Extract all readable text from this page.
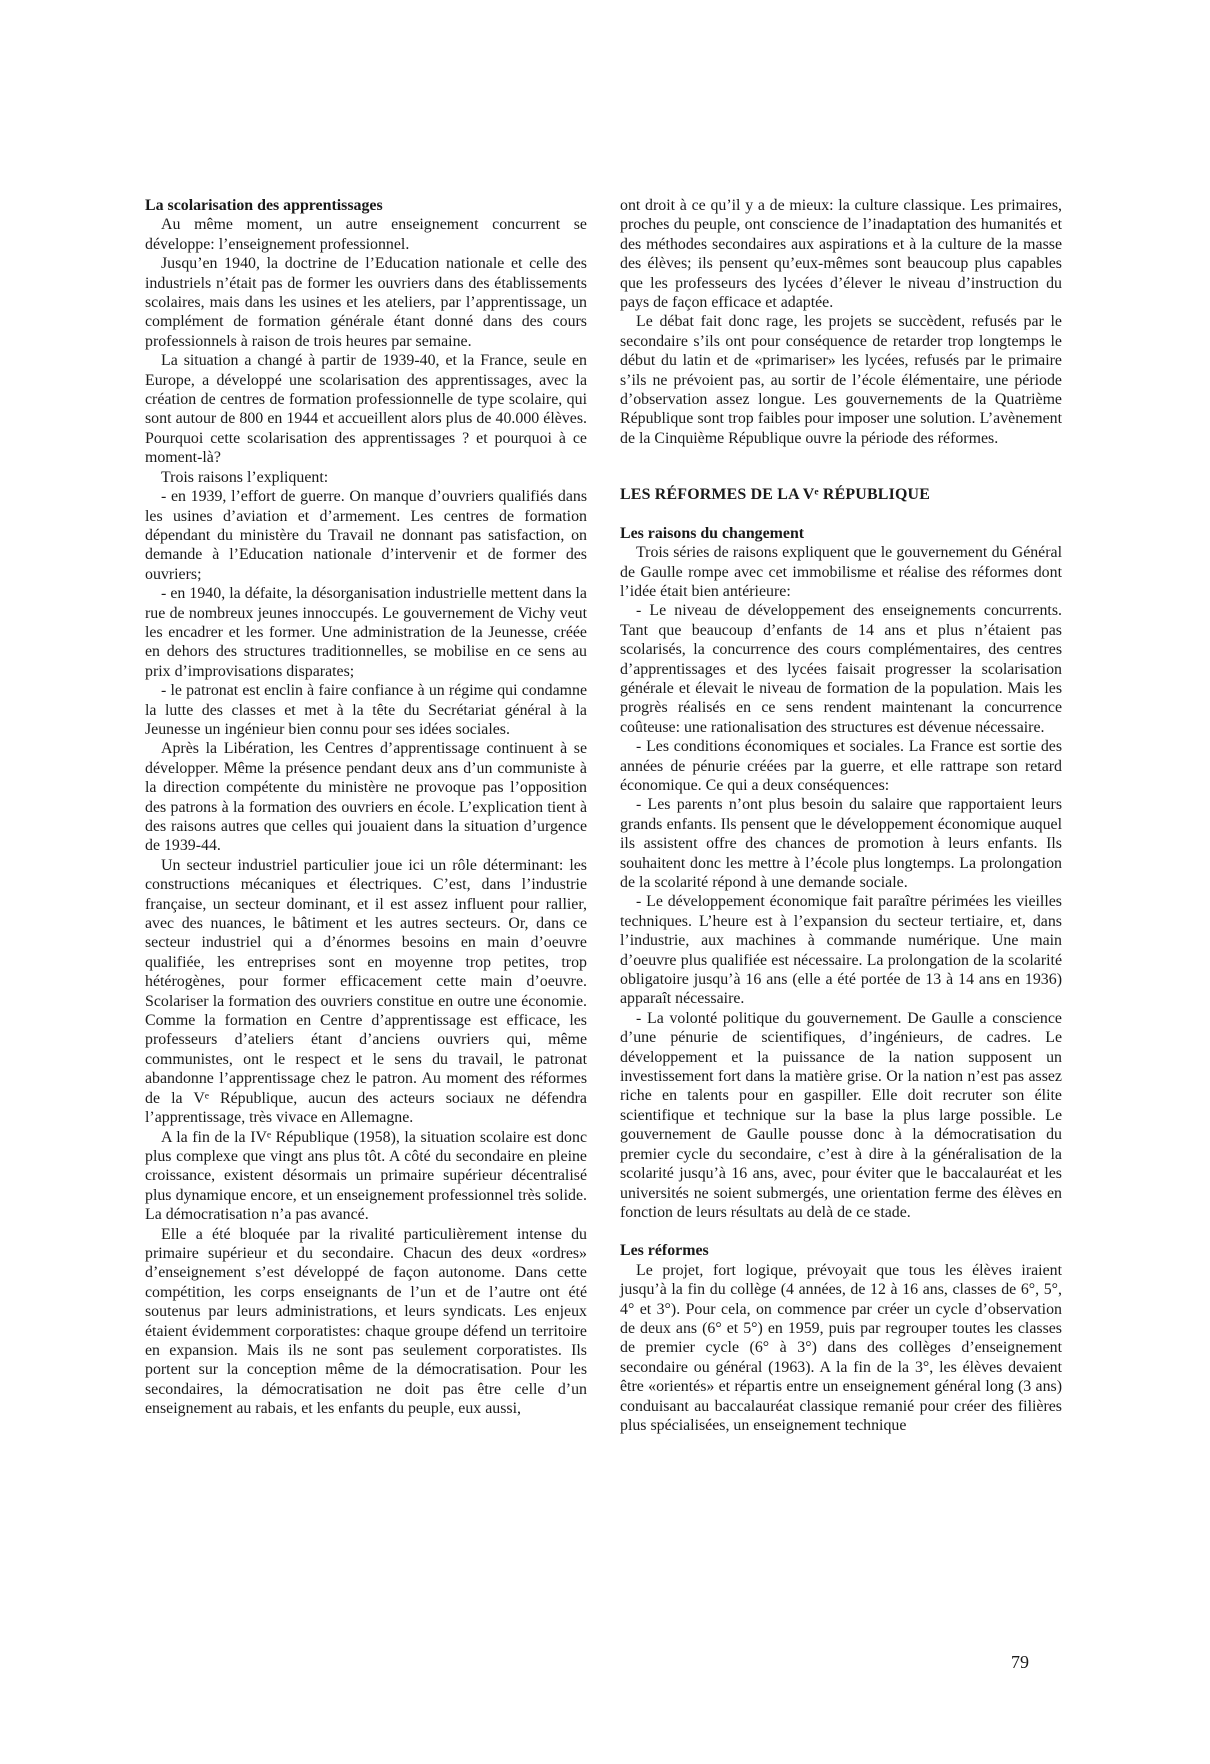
La scolarisation des apprentissages

Au même moment, un autre enseignement concurrent se développe: l’enseignement professionnel.

Jusqu’en 1940, la doctrine de l’Education nationale et celle des industriels n’était pas de former les ouvriers dans des établissements scolaires, mais dans les usines et les ateliers, par l’apprentissage, un complément de formation générale étant donné dans des cours professionnels à raison de trois heures par semaine.

La situation a changé à partir de 1939-40, et la France, seule en Europe, a développé une scolarisation des apprentissages, avec la création de centres de formation professionnelle de type scolaire, qui sont autour de 800 en 1944 et accueillent alors plus de 40.000 élèves. Pourquoi cette scolarisation des apprentissages ? et pourquoi à ce moment-là?

Trois raisons l’expliquent:

- en 1939, l’effort de guerre. On manque d’ouvriers qualifiés dans les usines d’aviation et d’armement. Les centres de formation dépendant du ministère du Travail ne donnant pas satisfaction, on demande à l’Education nationale d’intervenir et de former des ouvriers;

- en 1940, la défaite, la désorganisation industrielle mettent dans la rue de nombreux jeunes innoccupés. Le gouvernement de Vichy veut les encadrer et les former. Une administration de la Jeunesse, créée en dehors des structures traditionnelles, se mobilise en ce sens au prix d’improvisations disparates;

- le patronat est enclin à faire confiance à un régime qui condamne la lutte des classes et met à la tête du Secrétariat général à la Jeunesse un ingénieur bien connu pour ses idées sociales.

Après la Libération, les Centres d’apprentissage continuent à se développer. Même la présence pendant deux ans d’un communiste à la direction compétente du ministère ne provoque pas l’opposition des patrons à la formation des ouvriers en école. L’explication tient à des raisons autres que celles qui jouaient dans la situation d’urgence de 1939-44.

Un secteur industriel particulier joue ici un rôle déterminant: les constructions mécaniques et électriques. C’est, dans l’industrie française, un secteur dominant, et il est assez influent pour rallier, avec des nuances, le bâtiment et les autres secteurs. Or, dans ce secteur industriel qui a d’énormes besoins en main d’oeuvre qualifiée, les entreprises sont en moyenne trop petites, trop hétérogènes, pour former efficacement cette main d’oeuvre. Scolariser la formation des ouvriers constitue en outre une économie. Comme la formation en Centre d’apprentissage est efficace, les professeurs d’ateliers étant d’anciens ouvriers qui, même communistes, ont le respect et le sens du travail, le patronat abandonne l’apprentissage chez le patron. Au moment des réformes de la Vᵉ République, aucun des acteurs sociaux ne défendra l’apprentissage, très vivace en Allemagne.

A la fin de la IVᵉ République (1958), la situation scolaire est donc plus complexe que vingt ans plus tôt. A côté du secondaire en pleine croissance, existent désormais un primaire supérieur décentralisé plus dynamique encore, et un enseignement professionnel très solide. La démocratisation n’a pas avancé.

Elle a été bloquée par la rivalité particulièrement intense du primaire supérieur et du secondaire. Chacun des deux «ordres» d’enseignement s’est développé de façon autonome. Dans cette compétition, les corps enseignants de l’un et de l’autre ont été soutenus par leurs administrations, et leurs syndicats. Les enjeux étaient évidemment corporatistes: chaque groupe défend un territoire en expansion. Mais ils ne sont pas seulement corporatistes. Ils portent sur la conception même de la démocratisation. Pour les secondaires, la démocratisation ne doit pas être celle d’un enseignement au rabais, et les enfants du peuple, eux aussi,

ont droit à ce qu’il y a de mieux: la culture classique. Les primaires, proches du peuple, ont conscience de l’inadaptation des humanités et des méthodes secondaires aux aspirations et à la culture de la masse des élèves; ils pensent qu’eux-mêmes sont beaucoup plus capables que les professeurs des lycées d’élever le niveau d’instruction du pays de façon efficace et adaptée.

Le débat fait donc rage, les projets se succèdent, refusés par le secondaire s’ils ont pour conséquence de retarder trop longtemps le début du latin et de «primariser» les lycées, refusés par le primaire s’ils ne prévoient pas, au sortir de l’école élémentaire, une période d’observation assez longue. Les gouvernements de la Quatrième République sont trop faibles pour imposer une solution. L’avènement de la Cinquième République ouvre la période des réformes.

LES RÉFORMES DE LA Vᵉ RÉPUBLIQUE
Les raisons du changement

Trois séries de raisons expliquent que le gouvernement du Général de Gaulle rompe avec cet immobilisme et réalise des réformes dont l’idée était bien antérieure:

- Le niveau de développement des enseignements concurrents. Tant que beaucoup d’enfants de 14 ans et plus n’étaient pas scolarisés, la concurrence des cours complémentaires, des centres d’apprentissages et des lycées faisait progresser la scolarisation générale et élevait le niveau de formation de la population. Mais les progrès réalisés en ce sens rendent maintenant la concurrence coûteuse: une rationalisation des structures est dévenue nécessaire.

- Les conditions économiques et sociales. La France est sortie des années de pénurie créées par la guerre, et elle rattrape son retard économique. Ce qui a deux conséquences:

- Les parents n’ont plus besoin du salaire que rapportaient leurs grands enfants. Ils pensent que le développement économique auquel ils assistent offre des chances de promotion à leurs enfants. Ils souhaitent donc les mettre à l’école plus longtemps. La prolongation de la scolarité répond à une demande sociale.

- Le développement économique fait paraître périmées les vieilles techniques. L’heure est à l’expansion du secteur tertiaire, et, dans l’industrie, aux machines à commande numérique. Une main d’oeuvre plus qualifiée est nécessaire. La prolongation de la scolarité obligatoire jusqu’à 16 ans (elle a été portée de 13 à 14 ans en 1936) apparaît nécessaire.

- La volonté politique du gouvernement. De Gaulle a conscience d’une pénurie de scientifiques, d’ingénieurs, de cadres. Le développement et la puissance de la nation supposent un investissement fort dans la matière grise. Or la nation n’est pas assez riche en talents pour en gaspiller. Elle doit recruter son élite scientifique et technique sur la base la plus large possible. Le gouvernement de Gaulle pousse donc à la démocratisation du premier cycle du secondaire, c’est à dire à la généralisation de la scolarité jusqu’à 16 ans, avec, pour éviter que le baccalauréat et les universités ne soient submergés, une orientation ferme des élèves en fonction de leurs résultats au delà de ce stade.

Les réformes

Le projet, fort logique, prévoyait que tous les élèves iraient jusqu’à la fin du collège (4 années, de 12 à 16 ans, classes de 6°, 5°, 4° et 3°). Pour cela, on commence par créer un cycle d’observation de deux ans (6° et 5°) en 1959, puis par regrouper toutes les classes de premier cycle (6° à 3°) dans des collèges d’enseignement secondaire ou général (1963). A la fin de la 3°, les élèves devaient être «orientés» et répartis entre un enseignement général long (3 ans) conduisant au baccalauréat classique remanié pour créer des filières plus spécialisées, un enseignement technique

79
